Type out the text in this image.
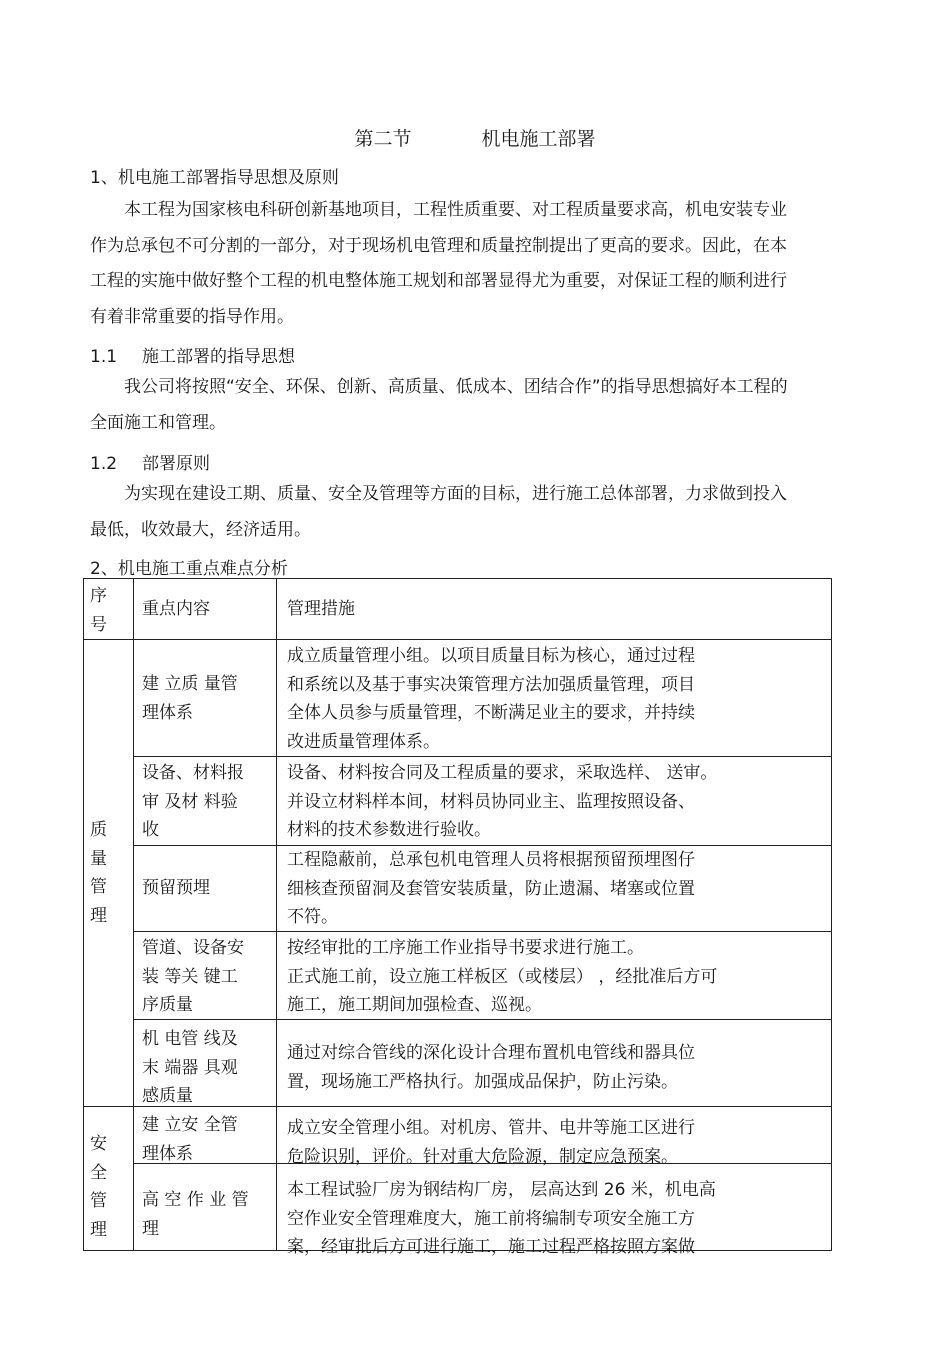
第二节	机电施工部署
1、机电施工部署指导思想及原则
本工程为国家核电科研创新基地项目，工程性质重要、对工程质量要求高，机电安装专业作为总承包不可分割的一部分，对于现场机电管理和质量控制提出了更高的要求。因此，在本工程的实施中做好整个工程的机电整体施工规划和部署显得尤为重要，对保证工程的顺利进行有着非常重要的指导作用。
1.1 施工部署的指导思想
我公司将按照“安全、环保、创新、高质量、低成本、团结合作”的指导思想搞好本工程的全面施工和管理。
1.2 部署原则
为实现在建设工期、质量、安全及管理等方面的目标，进行施工总体部署，力求做到投入最低，收效最大，经济适用。
2、机电施工重点难点分析
序
号
重点内容	管理措施
质
量
管
理
安
全
管
理
建 立质 量管
理体系
成立质量管理小组。以项目质量目标为核心，通过过程
和系统以及基于事实决策管理方法加强质量管理，项目
全体人员参与质量管理，不断满足业主的要求，并持续
改进质量管理体系。
设备、材料报
审 及材 料验
收
设备、材料按合同及工程质量的要求，采取选样、 送审。
并设立材料样本间，材料员协同业主、监理按照设备、
材料的技术参数进行验收。
预留预埋
工程隐蔽前，总承包机电管理人员将根据预留预埋图仔
细核查预留洞及套管安装质量，防止遗漏、堵塞或位置
不符。
管道、设备安
装 等关 键工
序质量
按经审批的工序施工作业指导书要求进行施工。
正式施工前，设立施工样板区（或楼层） ，经批准后方可
施工，施工期间加强检查、巡视。
机 电管 线及
末 端器 具观
感质量
通过对综合管线的深化设计合理布置机电管线和器具位
置，现场施工严格执行。加强成品保护，防止污染。
建 立安 全管
理体系
成立安全管理小组。对机房、管井、电井等施工区进行
危险识别，评价。针对重大危险源，制定应急预案。
高 空 作 业 管
理
本工程试验厂房为钢结构厂房， 层高达到 26 米，机电高
空作业安全管理难度大，施工前将编制专项安全施工方
案，经审批后方可进行施工，施工过程严格按照方案做
